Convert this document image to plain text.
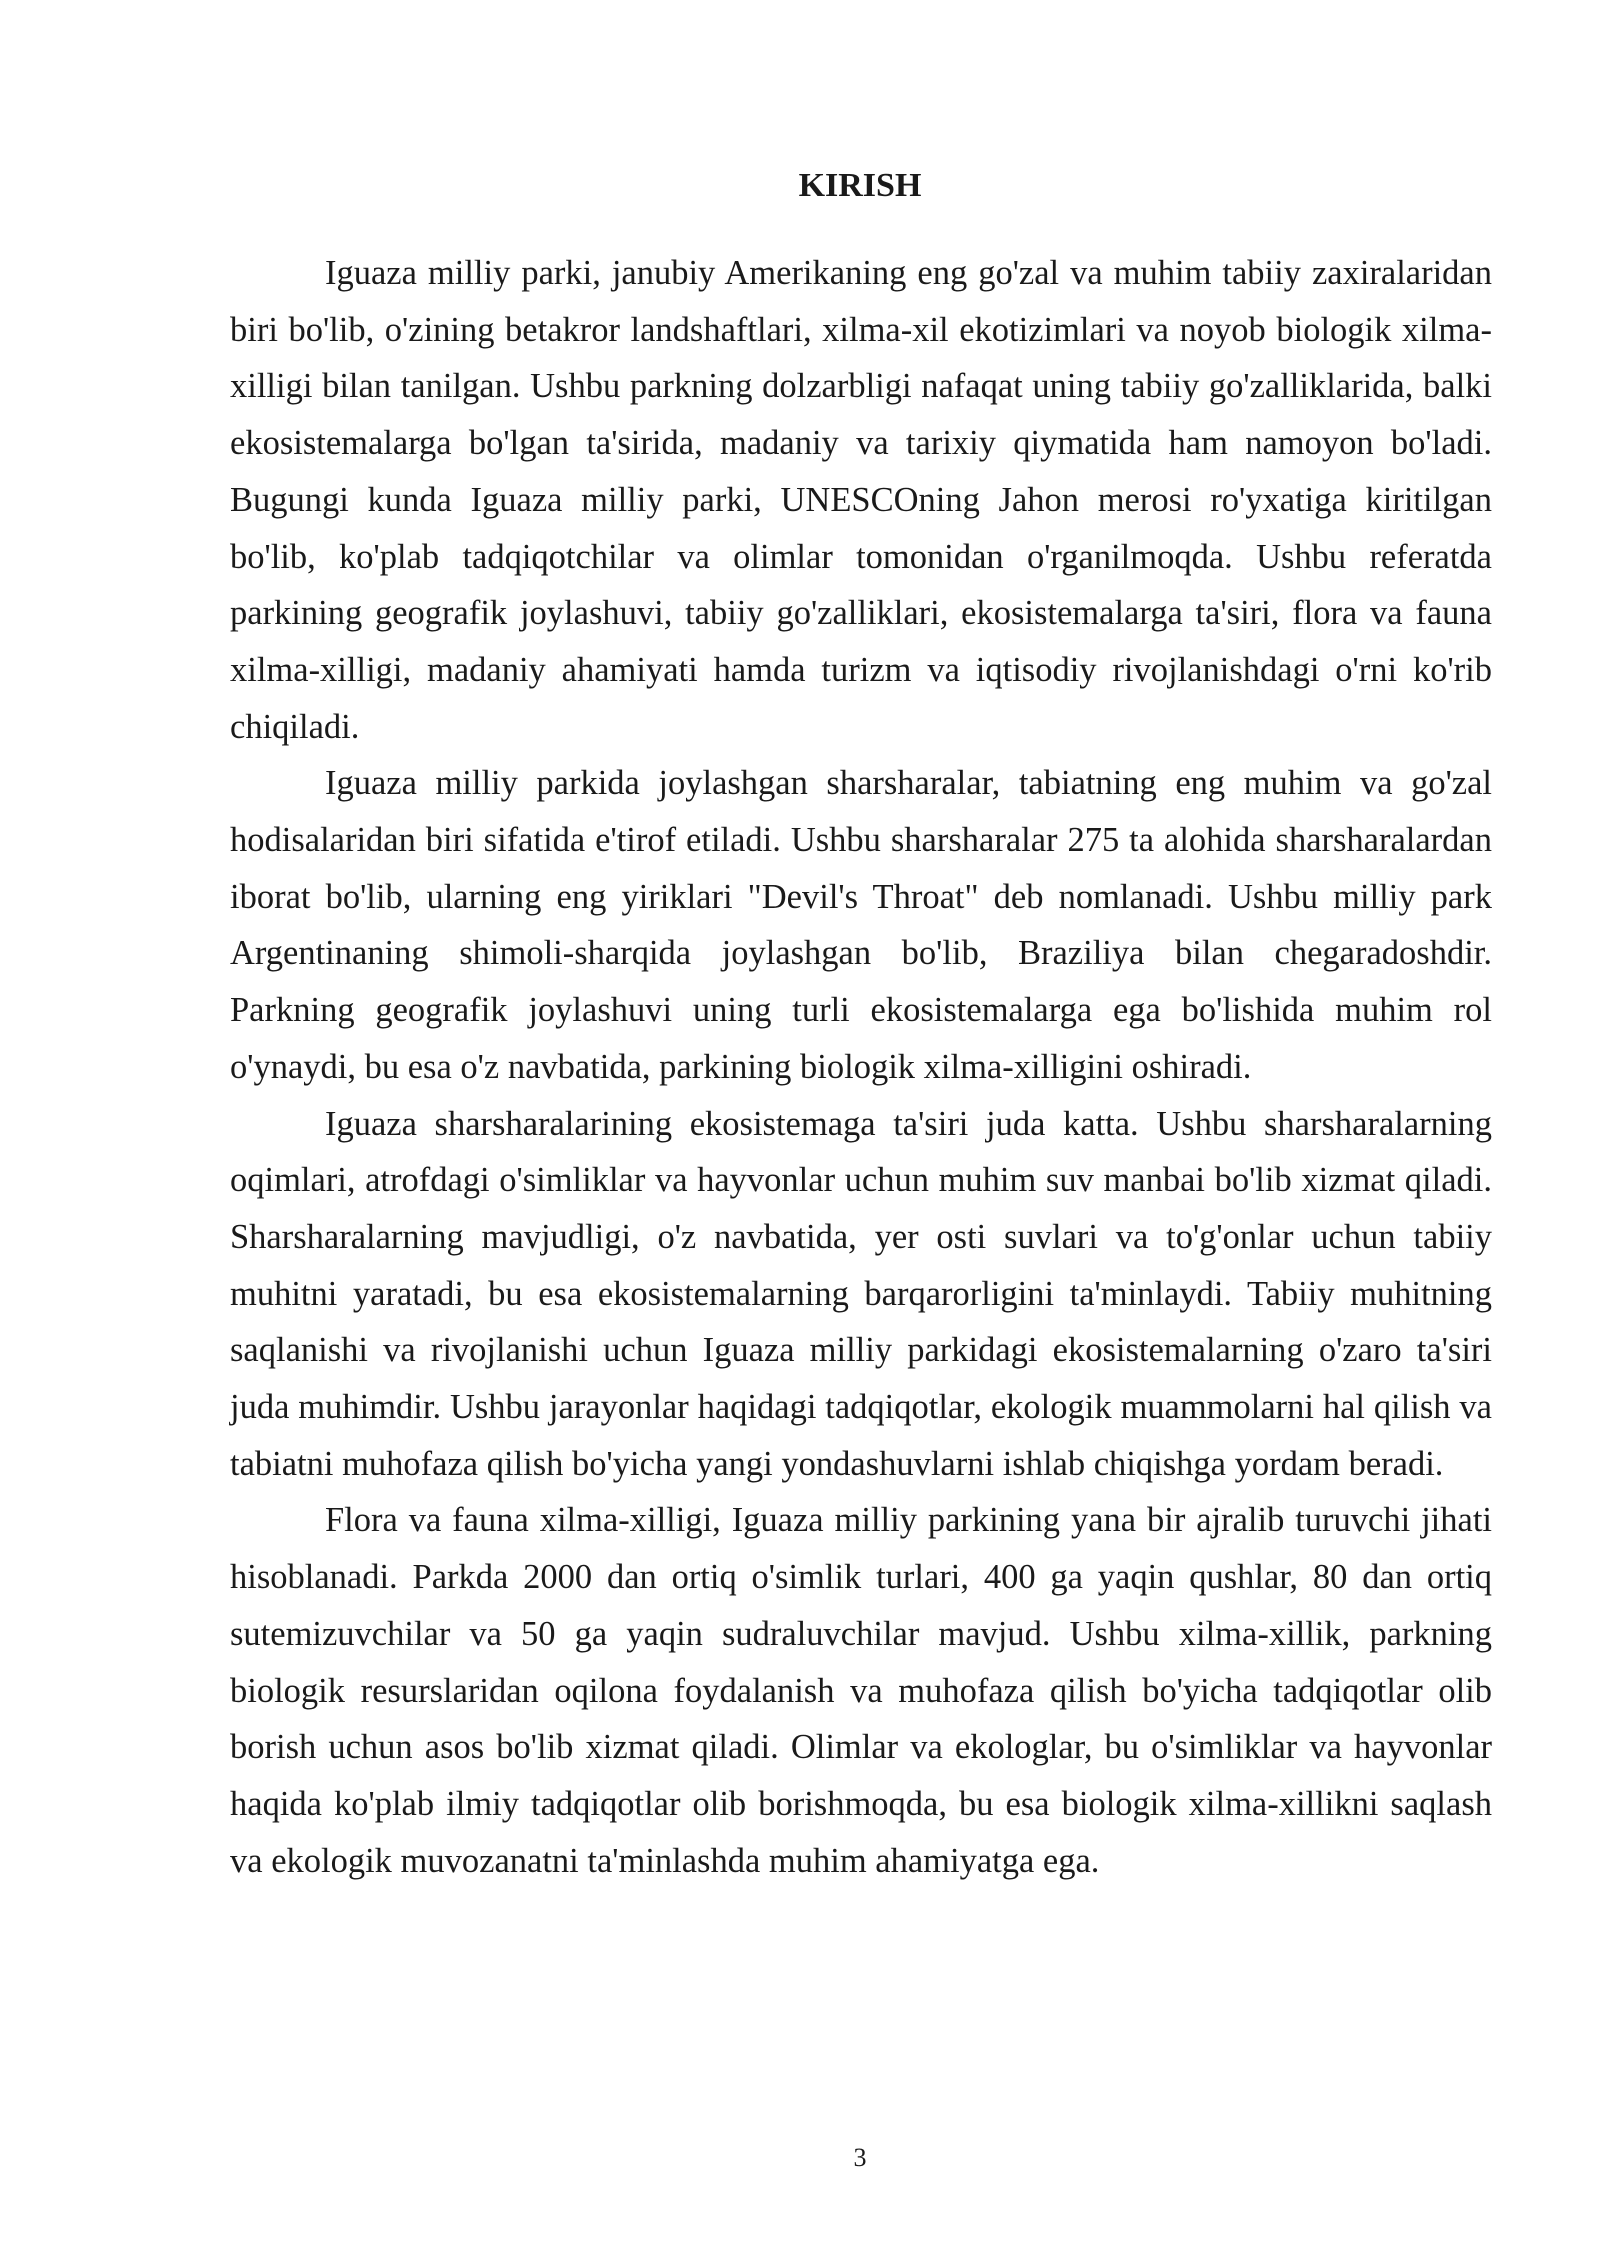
KIRISH

Iguaza milliy parki, janubiy Amerikaning eng go'zal va muhim tabiiy zaxiralaridan biri bo'lib, o'zining betakror landshaftlari, xilma-xil ekotizimlari va noyob biologik xilma-xilligi bilan tanilgan. Ushbu parkning dolzarbligi nafaqat uning tabiiy go'zalliklarida, balki ekosistemalarga bo'lgan ta'sirida, madaniy va tarixiy qiymatida ham namoyon bo'ladi. Bugungi kunda Iguaza milliy parki, UNESCOning Jahon merosi ro'yxatiga kiritilgan bo'lib, ko'plab tadqiqotchilar va olimlar tomonidan o'rganilmoqda. Ushbu referatda parkining geografik joylashuvi, tabiiy go'zalliklari, ekosistemalarga ta'siri, flora va fauna xilma-xilligi, madaniy ahamiyati hamda turizm va iqtisodiy rivojlanishdagi o'rni ko'rib chiqiladi.

Iguaza milliy parkida joylashgan sharsharalar, tabiatning eng muhim va go'zal hodisalaridan biri sifatida e'tirof etiladi. Ushbu sharsharalar 275 ta alohida sharsharalardan iborat bo'lib, ularning eng yiriklari "Devil's Throat" deb nomlanadi. Ushbu milliy park Argentinaning shimoli-sharqida joylashgan bo'lib, Braziliya bilan chegaradoshdir. Parkning geografik joylashuvi uning turli ekosistemalarga ega bo'lishida muhim rol o'ynaydi, bu esa o'z navbatida, parkining biologik xilma-xilligini oshiradi.

Iguaza sharsharalarining ekosistemaga ta'siri juda katta. Ushbu sharsharalarning oqimlari, atrofdagi o'simliklar va hayvonlar uchun muhim suv manbai bo'lib xizmat qiladi. Sharsharalarning mavjudligi, o'z navbatida, yer osti suvlari va to'g'onlar uchun tabiiy muhitni yaratadi, bu esa ekosistemalarning barqarorligini ta'minlaydi. Tabiiy muhitning saqlanishi va rivojlanishi uchun Iguaza milliy parkidagi ekosistemalarning o'zaro ta'siri juda muhimdir. Ushbu jarayonlar haqidagi tadqiqotlar, ekologik muammolarni hal qilish va tabiatni muhofaza qilish bo'yicha yangi yondashuvlarni ishlab chiqishga yordam beradi.

Flora va fauna xilma-xilligi, Iguaza milliy parkining yana bir ajralib turuvchi jihati hisoblanadi. Parkda 2000 dan ortiq o'simlik turlari, 400 ga yaqin qushlar, 80 dan ortiq sutemizuvchilar va 50 ga yaqin sudraluvchilar mavjud. Ushbu xilma-xillik, parkning biologik resurslaridan oqilona foydalanish va muhofaza qilish bo'yicha tadqiqotlar olib borish uchun asos bo'lib xizmat qiladi. Olimlar va ekologlar, bu o'simliklar va hayvonlar haqida ko'plab ilmiy tadqiqotlar olib borishmoqda, bu esa biologik xilma-xillikni saqlash va ekologik muvozanatni ta'minlashda muhim ahamiyatga ega.

3
